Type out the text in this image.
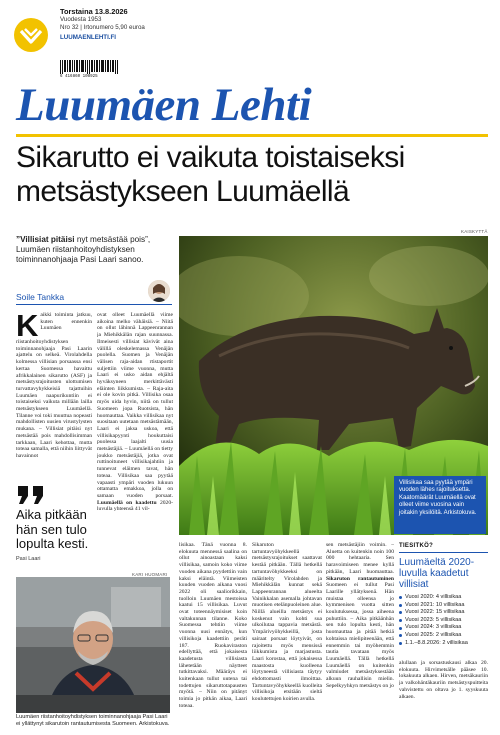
Torstaina 13.8.2026
Vuodesta 1953
Nro 32 | Irtonumero 5,90 euroa
LUUMAENLEHTI.FI
6 416860 108925
Luumäen Lehti
Sikarutto ei vaikuta toistaiseksi metsästykseen Luumäellä
”Villisiat pitäisi nyt metsästää pois”, Luumäen riistanhoitoyhdistyksen toiminnanohjaaja Pasi Laari sanoo.
Soile Tankka
KAISKYTTÄ
Villisikaa saa pyytää ympäri vuoden lähes rajoituksetta. Kaatomäärät Luumäellä ovat olleet viime vuosina vain joitakin yksilöitä. Arkistokuva.
Kaikki toiminta jatkuu, kuten ennenkin Luumäen riistanhoitoyhdistyksen toiminnanohjaaja Pasi Laarin ajattelu on selkeä. Virolahdella kolmessa villisian porsaassa ensi kertaa Suomessa havaittu afrikkalainen sikarutto (ASF) ja metsästysrajoitusten ulottumisen turvattavyhykkeisiä tajattuihin Luumäen naapurikuntiin ei toistaiseksi vaikuta millään lailla metsästykseen Luumäellä. Tilanne voi toki muuttua nopeasti mahdollisten uusien virustylysten mukana. – Villisiat pitäisi nyt metsästää pois mahdollisimman tarkkaan, Laari kehottaa, mutta toteaa samalla, että niihin liittyvät havainnot
ovat olleet Luumäellä viime aikoina melko vähäisiä. – Niitä on ollut lähinnä Lappeenrannan ja Miehikkälän rajan suunnassa. Ilmeisesti villisiat kävivät aina välillä oleskelemassa Venäjän puolella. Suomen ja Venäjän välisen raja-aidan rtistaportit suljettiin viime vuonna, mutta Laari ei usko aidan ehjältä hyväksyneen merkittävästi eläinten liikkumista. – Raja-aita ei ole kovin pitkä. Villisika osaa myös uida hyvin, niitä on tullut Suomeen jopa Ruotsista, hän huomauttaa. Vaikka villisikaa nyt suositaan uutetaan metsästämään, Laari ei jaksa uskoa, että villisikapyynti houkuttaisi puolessa laajalti uusia metsästäjiä. – Luumäellä on tietty joukko metsästäjiä, jotka ovat ruttinoituneet villisikajahtiin ja tunnevat eläimen tavat, hän toteaa. Villisikaa saa pyytää vapaasti ympäri vuoden lukuun ottamatta emakkoa, jolla on samaan vuoden porsaat. Luumäellä on kaadettu 2020-luvulla yhteensä 41 vil-
Aika pitkään hän sen tulo lopulta kesti.
Pasi Laari
KARI HUOMARI
Luumäen riistanhoitoyhdistyksen toiminnanohjaaja Pasi Laari ei yllättynyt sikarutoin rantautumisesta Suomeen. Arkistokuva.
lisikaa. Tänä vuonna 8. elokuuta mennessä saalina on ollut ainoastaan kaksi villisikaa, samoin koko viime vuoden aikana pyydettiin vain kaksi eläintä. Viimeisten kuuden vuoden aikana vuosi 2022 oli saaliorikkain, tuolloin Luumäen mestoissa kaatui 15 villisikaa. Luvut ovat toteennäymisiset koin valtakunnan tilanne. Koko Suomessa tehtiin viime vuonna uusi ennätys, kun villisikoja kaadettiin peräti 187. Ruokaviraston edellyttää, että jokaisesta kaadetusta villisiasta lähetetään näytteet tutkittavaksi. Määräys ei kuitenkaan tullut uutena tai todettujen sikaruttotapausten myötä. – Niin on pitänyt toimia jo pitkän aikaa, Laari toteaa.
Sikaruton tartuntavyöhykkeellä metsästysrajoitukset saattavat kestää pitkään. Tällä hetkellä tartuntavöhykkeeksi on määritelty Virolahden ja Miehikkälän kunnat sekä Lappeenrannan alueelta Vainikkalan asemalla johtavan muotisen etelänpuoleinen alue. Niillä alueilla metsästys ei koskenut vain kohti sua ulkoilutaa tappavia metsästä. Ympärivyöhykkeillä, josta sairaat porsaat löytyivät, on rajoitettu myös mensissä liikkumista ja marjastusta. Laari korostaa, että jokaisessa maastosta kuolleena löytyneestä villisiasta täytyy ehdottomasti ilmoittaa. Tartuntavyöhykkeellä kuolleita villisikoja etsitään sieltä koulutettujen koirien avulla.
sen metsästäjiin voimin. – Aluetta on kuitenkin noin 100 000 hehtaaria. Sen haravoimiseen menee kyllä pitkään, Laari huomauttaa. Sikaruton rantautuminen Suomeen ei tullut Pasi Laarille yllätyksenä. Hän muistaa olleensa jo kymmenisen vuotta sitten koulutuksessa, jossa aiheena puhuttiin. – Aika pitkäänhän sen tulo lopulta kesti, hän huomauttaa ja pitää hetkiä kohtaissa mielipiteenään, että ennemmin tai myöhemmin tautia tavataan myös Luumäellä. Tällä hetkellä Luumäellä on kuitenkin valmiudet metsästyksestään alkuun rauhallisin mielin. Sepelkyyhkyn metsästys on jo
TIESITKÖ?
Luumäeltä 2020-luvulla kaadetut villisiat
Vuosi 2020: 4 villisikaa
Vuosi 2021: 10 villisikaa
Vuosi 2022: 15 villisikaa
Vuosi 2023: 5 villisikaa
Vuosi 2024: 3 villisikaa
Vuosi 2025: 2 villisikaa
1.1.–8.8.2026: 2 villisikaa
alullaan ja sorsastuskausi alkaa 20. elokuuta. Hirvimetsälle pääsee 10. lokakuuta alkaen. Hirven, metsäkauriin ja valkohäntäkauriin metsästyspuitteita vahvistettu on oltava jo 1. syyskuuta alkaen.
